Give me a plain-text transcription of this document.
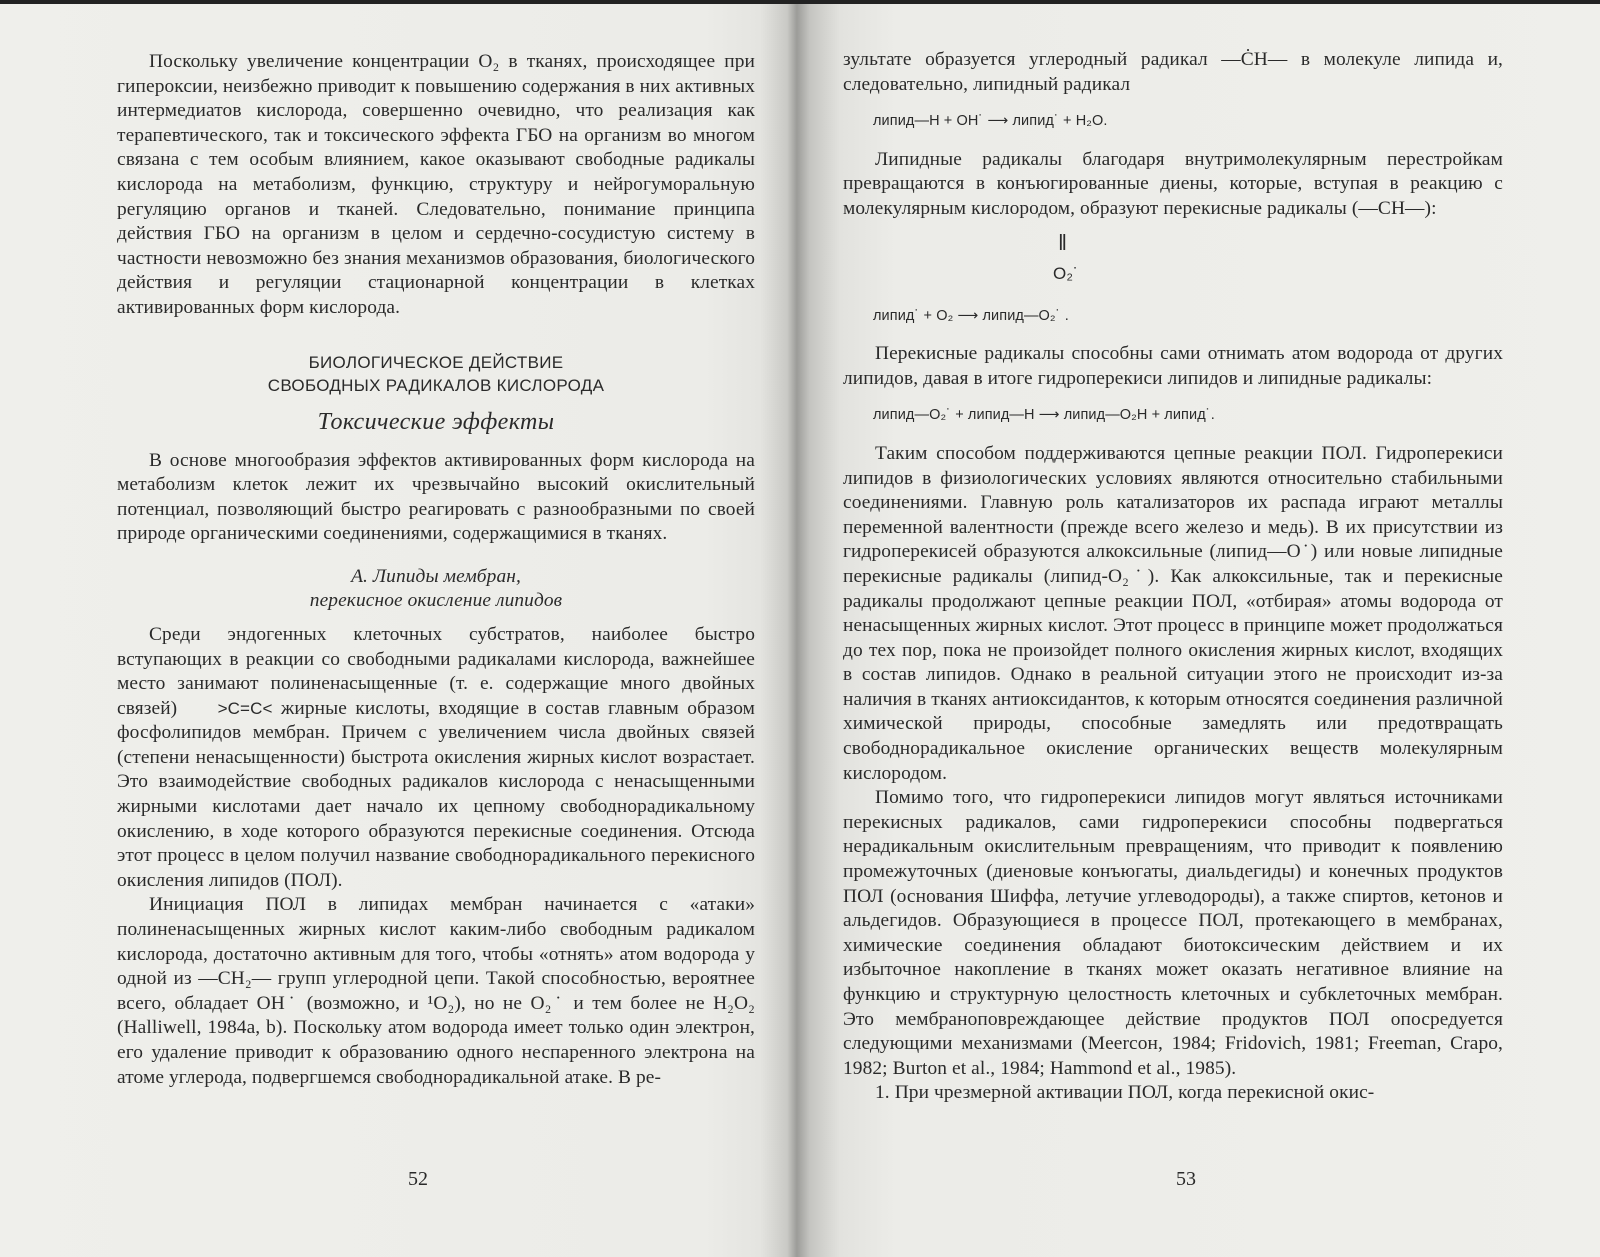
Поскольку увеличение концентрации O₂ в тканях, происходящее при гипероксии, неизбежно приводит к повышению содержания в них активных интермедиатов кислорода, совершенно очевидно, что реализация как терапевтического, так и токсического эффекта ГБО на организм во многом связана с тем особым влиянием, какое оказывают свободные радикалы кислорода на метаболизм, функцию, структуру и нейрогуморальную регуляцию органов и тканей. Следовательно, понимание принципа действия ГБО на организм в целом и сердечно-сосудистую систему в частности невозможно без знания механизмов образования, биологического действия и регуляции стационарной концентрации в клетках активированных форм кислорода.

БИОЛОГИЧЕСКОЕ ДЕЙСТВИЕ
СВОБОДНЫХ РАДИКАЛОВ КИСЛОРОДА
Токсические эффекты

В основе многообразия эффектов активированных форм кислорода на метаболизм клеток лежит их чрезвычайно высокий окислительный потенциал, позволяющий быстро реагировать с разнообразными по своей природе органическими соединениями, содержащимися в тканях.

А. Липиды мембран,
перекисное окисление липидов

Среди эндогенных клеточных субстратов, наиболее быстро вступающих в реакции со свободными радикалами кислорода, важнейшее место занимают полиненасыщенные (т. е. содержащие много двойных связей) >C=C< жирные кислоты, входящие в состав главным образом фосфолипидов мембран. Причем с увеличением числа двойных связей (степени ненасыщенности) быстрота окисления жирных кислот возрастает. Это взаимодействие свободных радикалов кислорода с ненасыщенными жирными кислотами дает начало их цепному свободнорадикальному окислению, в ходе которого образуются перекисные соединения. Отсюда этот процесс в целом получил название свободнорадикального перекисного окисления липидов (ПОЛ).

Инициация ПОЛ в липидах мембран начинается с «атаки» полиненасыщенных жирных кислот каким-либо свободным радикалом кислорода, достаточно активным для того, чтобы «отнять» атом водорода у одной из —CH₂— групп углеродной цепи. Такой способностью, вероятнее всего, обладает OH˙ (возможно, и ¹O₂), но не O₂˙ и тем более не H₂O₂ (Halliwell, 1984a, b). Поскольку атом водорода имеет только один электрон, его удаление приводит к образованию одного неспаренного электрона на атоме углерода, подвергшемся свободнорадикальной атаке. В ре-

52

зультате образуется углеродный радикал —ĊH— в молекуле липида и, следовательно, липидный радикал

липид—H + OH˙ ⟶ липид˙ + H₂O.

Липидные радикалы благодаря внутримолекулярным перестройкам превращаются в конъюгированные диены, которые, вступая в реакцию с молекулярным кислородом, образуют перекисные радикалы (—CH—):

‖
O₂˙
липид˙ + O₂ ⟶ липид—O₂˙ .

Перекисные радикалы способны сами отнимать атом водорода от других липидов, давая в итоге гидроперекиси липидов и липидные радикалы:

липид—O₂˙ + липид—H ⟶ липид—O₂H + липид˙.

Таким способом поддерживаются цепные реакции ПОЛ. Гидроперекиси липидов в физиологических условиях являются относительно стабильными соединениями. Главную роль катализаторов их распада играют металлы переменной валентности (прежде всего железо и медь). В их присутствии из гидроперекисей образуются алкоксильные (липид—O˙) или новые липидные перекисные радикалы (липид-O₂˙). Как алкоксильные, так и перекисные радикалы продолжают цепные реакции ПОЛ, «отбирая» атомы водорода от ненасыщенных жирных кислот. Этот процесс в принципе может продолжаться до тех пор, пока не произойдет полного окисления жирных кислот, входящих в состав липидов. Однако в реальной ситуации этого не происходит из-за наличия в тканях антиоксидантов, к которым относятся соединения различной химической природы, способные замедлять или предотвращать свободнорадикальное окисление органических веществ молекулярным кислородом.

Помимо того, что гидроперекиси липидов могут являться источниками перекисных радикалов, сами гидроперекиси способны подвергаться нерадикальным окислительным превращениям, что приводит к появлению промежуточных (диеновые конъюгаты, диальдегиды) и конечных продуктов ПОЛ (основания Шиффа, летучие углеводороды), а также спиртов, кетонов и альдегидов. Образующиеся в процессе ПОЛ, протекающего в мембранах, химические соединения обладают биотоксическим действием и их избыточное накопление в тканях может оказать негативное влияние на функцию и структурную целостность клеточных и субклеточных мембран. Это мембраноповреждающее действие продуктов ПОЛ опосредуется следующими механизмами (Meerсон, 1984; Fridovich, 1981; Freeman, Crapo, 1982; Burton et al., 1984; Hammond et al., 1985).

1. При чрезмерной активации ПОЛ, когда перекисной окис-

53
